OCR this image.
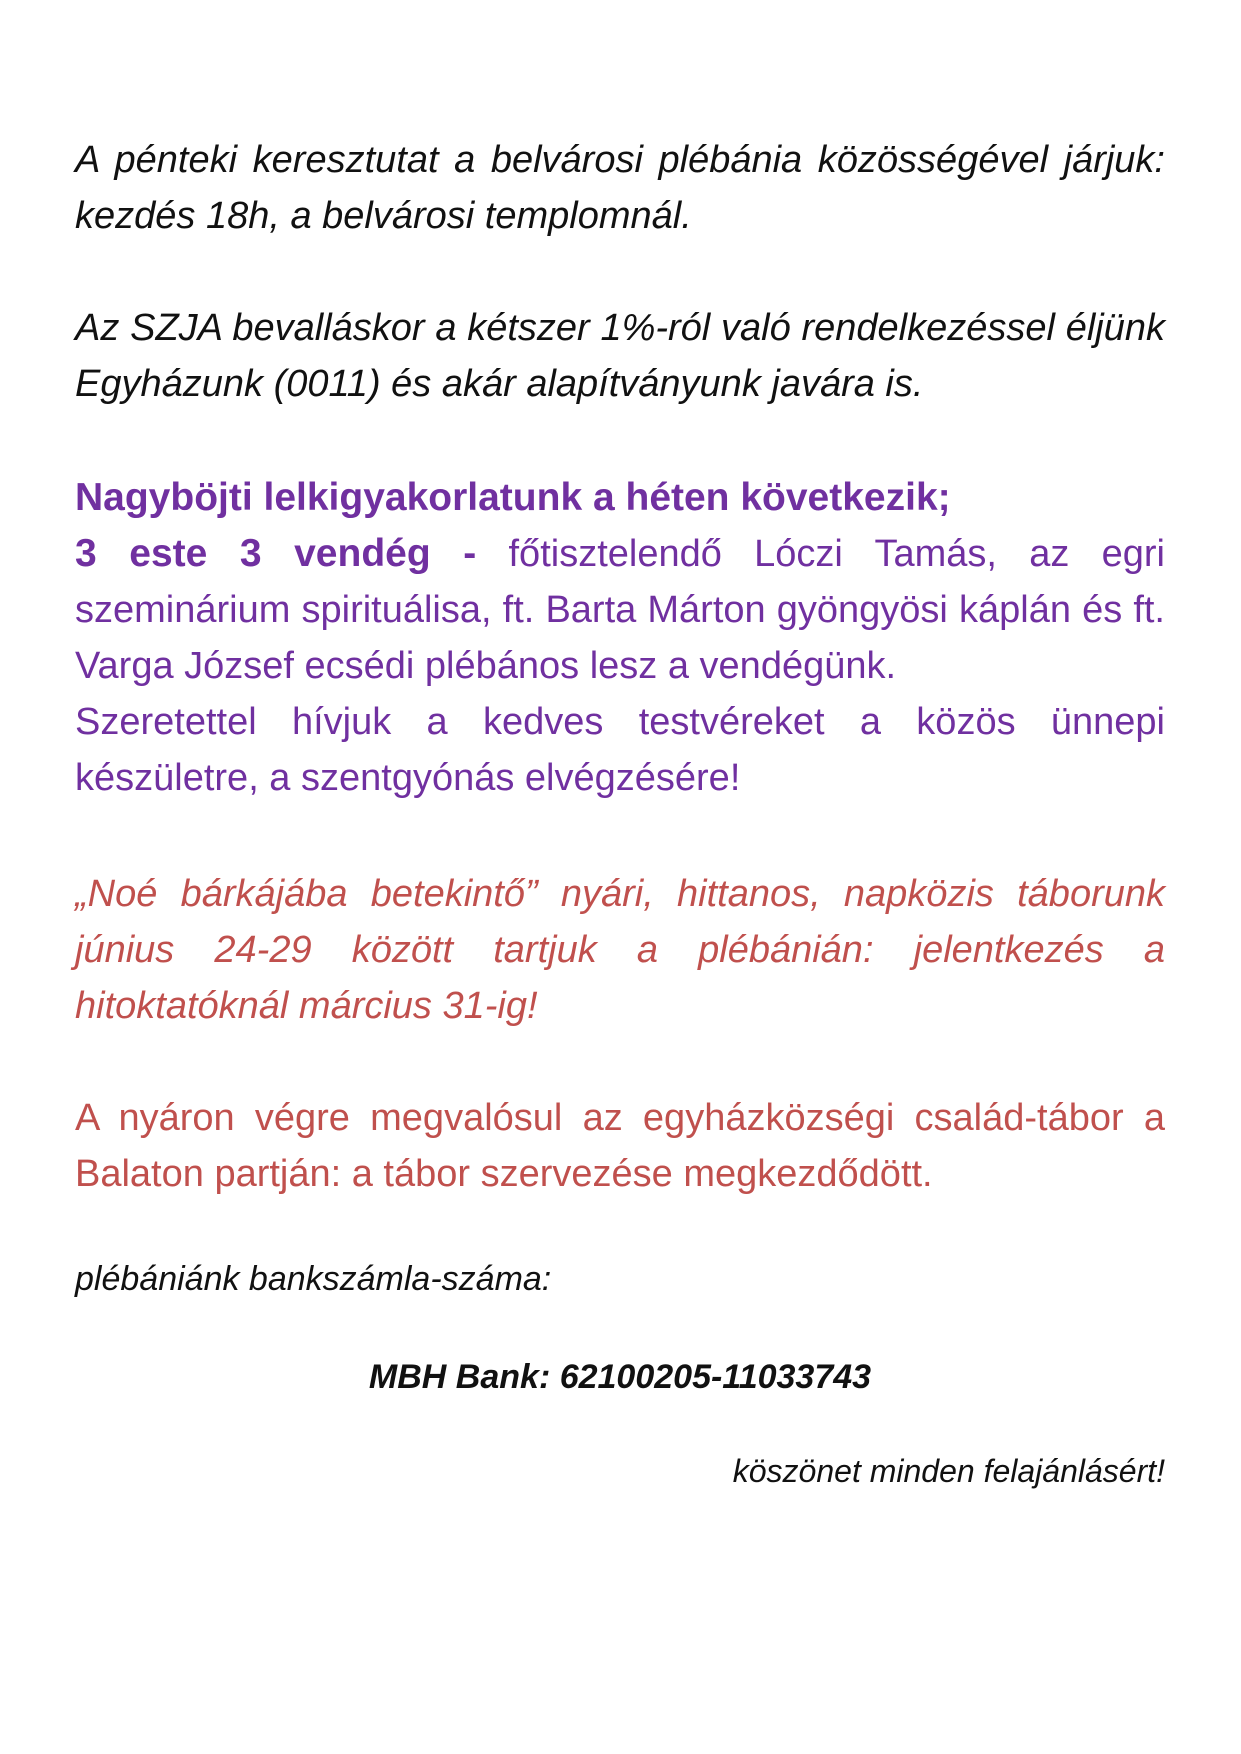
A pénteki keresztutat a belvárosi plébánia közösségével járjuk: kezdés 18h, a belvárosi templomnál.

Az SZJA bevalláskor a kétszer 1%-ról való rendelkezéssel éljünk Egyházunk (0011) és akár alapítványunk javára is.

Nagyböjti lelkigyakorlatunk a héten következik;
3 este 3 vendég - főtisztelendő Lóczi Tamás, az egri szeminárium spirituálisa, ft. Barta Márton gyöngyösi káplán és ft. Varga József ecsédi plébános lesz a vendégünk.
Szeretettel hívjuk a kedves testvéreket a közös ünnepi készületre, a szentgyónás elvégzésére!

„Noé bárkájába betekintő” nyári, hittanos, napközis táborunk június 24-29 között tartjuk a plébánián: jelentkezés a hitoktatóknál március 31-ig!

A nyáron végre megvalósul az egyházközségi család-tábor a Balaton partján: a tábor szervezése megkezdődött.

plébániánk bankszámla-száma:

MBH Bank: 62100205-11033743

köszönet minden felajánlásért!
